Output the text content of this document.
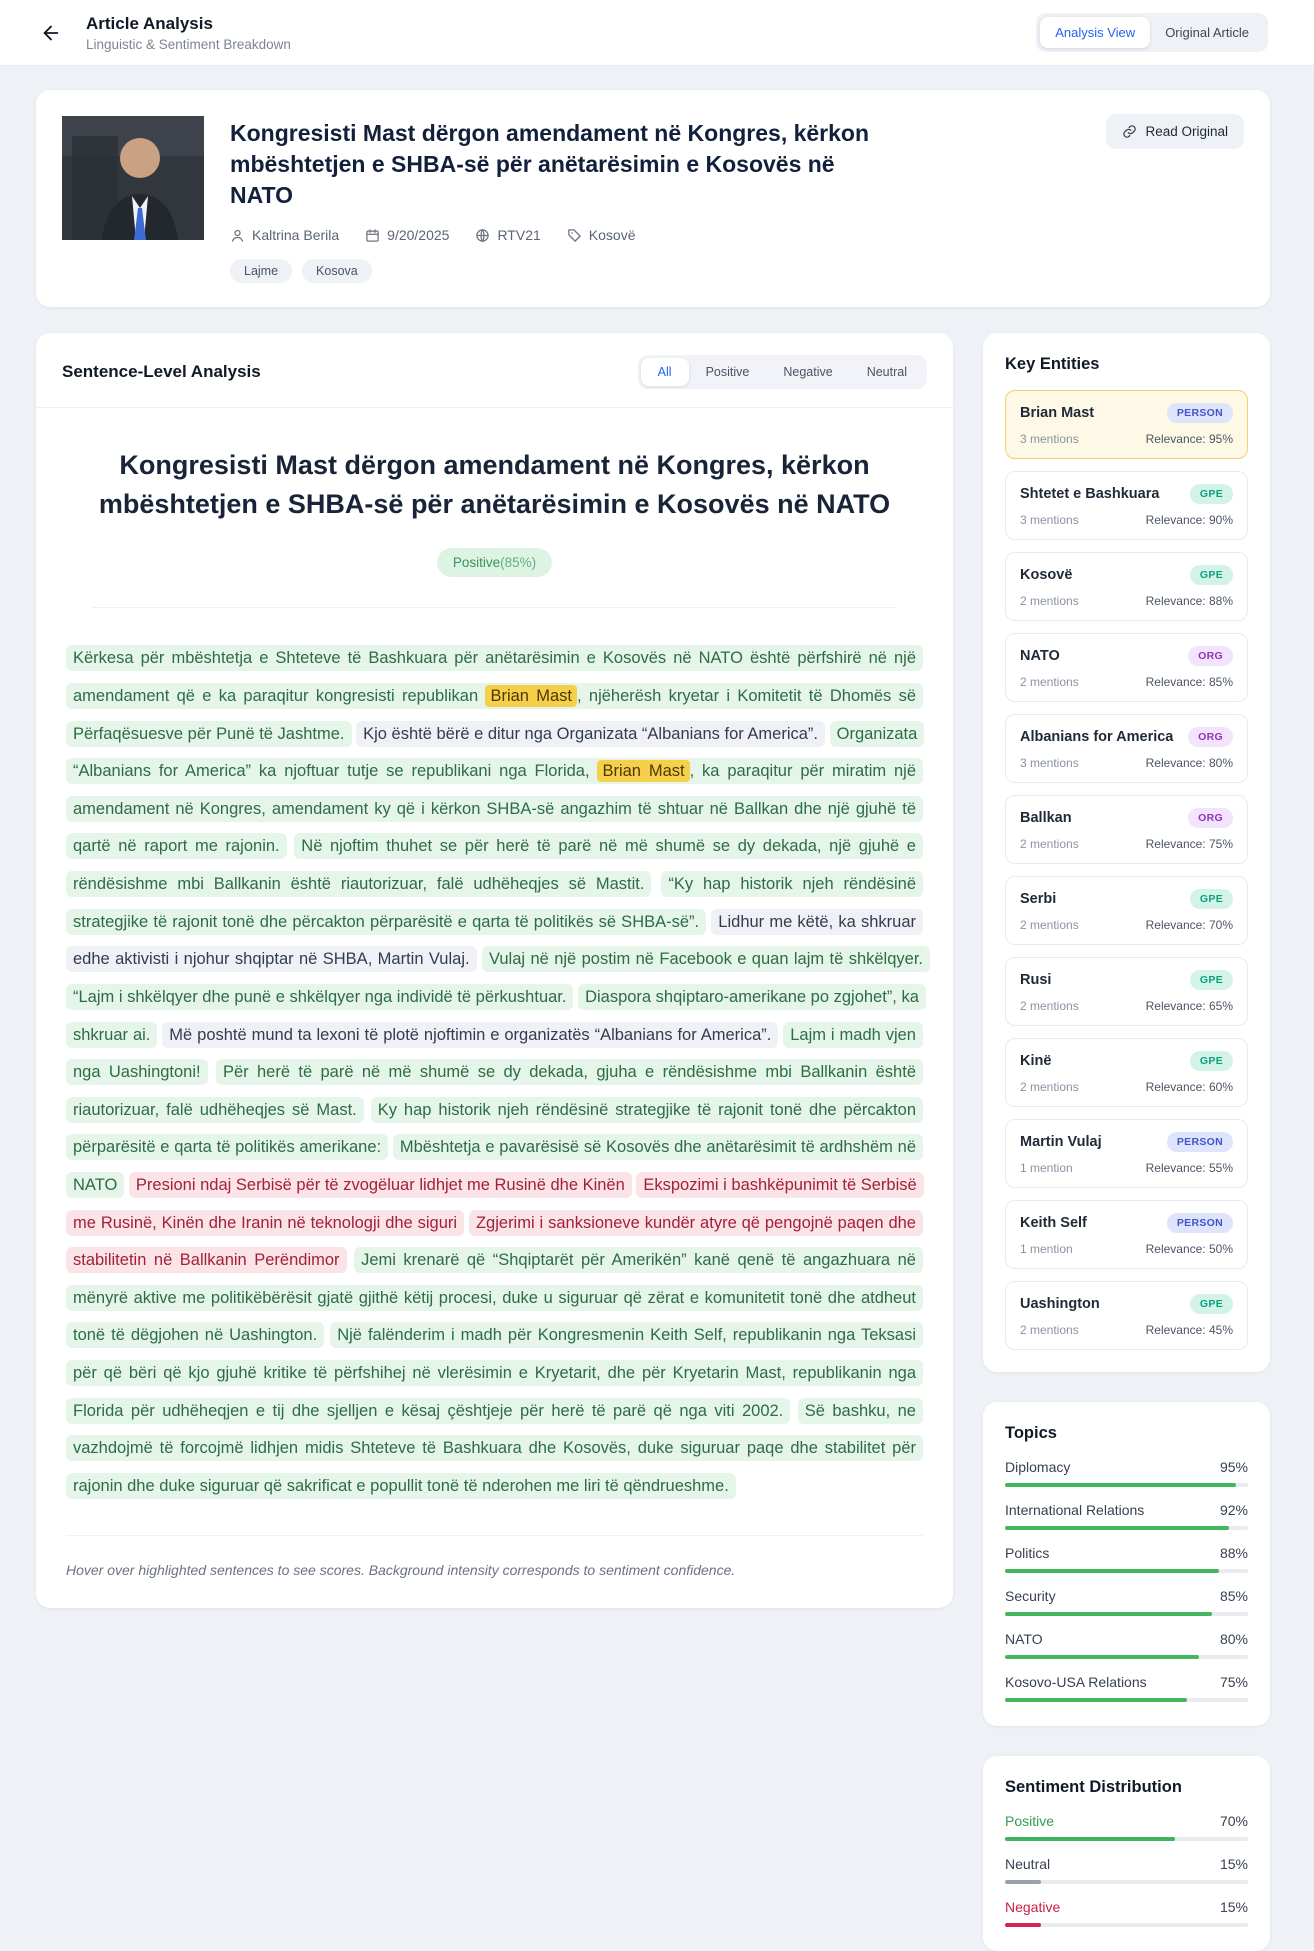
Article Analysis
Linguistic & Sentiment Breakdown
Analysis View	Original Article
Kongresisti Mast dërgon amendament në Kongres, kërkon mbështetjen e SHBA-së për anëtarësimin e Kosovës në NATO
Kaltrina Berila	9/20/2025	RTV21	Kosovë
Lajme	Kosova
Read Original
Sentence-Level Analysis	All	Positive	Negative	Neutral
Kongresisti Mast dërgon amendament në Kongres, kërkon mbështetjen e SHBA-së për anëtarësimin e Kosovës në NATO
Positive(85%)
Kërkesa për mbështetja e Shteteve të Bashkuara për anëtarësimin e Kosovës në NATO është përfshirë në një amendament që e ka paraqitur kongresisti republikan Brian Mast , njëherësh kryetar i Komitetit të Dhomës së Përfaqësuesve për Punë të Jashtme. Kjo është bërë e ditur nga Organizata “Albanians for America”. Organizata “Albanians for America” ka njoftuar tutje se republikani nga Florida, Brian Mast , ka paraqitur për miratim një amendament në Kongres, amendament ky që i kërkon SHBA-së angazhim të shtuar në Ballkan dhe një gjuhë të qartë në raport me rajonin. Në njoftim thuhet se për herë të parë në më shumë se dy dekada, një gjuhë e rëndësishme mbi Ballkanin është riautorizuar, falë udhëheqjes së Mastit. “Ky hap historik njeh rëndësinë strategjike të rajonit tonë dhe përcakton përparësitë e qarta të politikës së SHBA-së”. Lidhur me këtë, ka shkruar edhe aktivisti i njohur shqiptar në SHBA, Martin Vulaj. Vulaj në një postim në Facebook e quan lajm të shkëlqyer. “Lajm i shkëlqyer dhe punë e shkëlqyer nga individë të përkushtuar. Diaspora shqiptaro-amerikane po zgjohet”, ka shkruar ai. Më poshtë mund ta lexoni të plotë njoftimin e organizatës “Albanians for America”. Lajm i madh vjen nga Uashingtoni! Për herë të parë në më shumë se dy dekada, gjuha e rëndësishme mbi Ballkanin është riautorizuar, falë udhëheqjes së Mast. Ky hap historik njeh rëndësinë strategjike të rajonit tonë dhe përcakton përparësitë e qarta të politikës amerikane: Mbështetja e pavarësisë së Kosovës dhe anëtarësimit të ardhshëm në NATO Presioni ndaj Serbisë për të zvogëluar lidhjet me Rusinë dhe Kinën Ekspozimi i bashkëpunimit të Serbisë me Rusinë, Kinën dhe Iranin në teknologji dhe siguri Zgjerimi i sanksioneve kundër atyre që pengojnë paqen dhe stabilitetin në Ballkanin Perëndimor Jemi krenarë që “Shqiptarët për Amerikën” kanë qenë të angazhuara në mënyrë aktive me politikëbërësit gjatë gjithë këtij procesi, duke u siguruar që zërat e komunitetit tonë dhe atdheut tonë të dëgjohen në Uashington. Një falënderim i madh për Kongresmenin Keith Self, republikanin nga Teksasi për që bëri që kjo gjuhë kritike të përfshihej në vlerësimin e Kryetarit, dhe për Kryetarin Mast, republikanin nga Florida për udhëheqjen e tij dhe sjelljen e kësaj çështjeje për herë të parë që nga viti 2002. Së bashku, ne vazhdojmë të forcojmë lidhjen midis Shteteve të Bashkuara dhe Kosovës, duke siguruar paqe dhe stabilitet për rajonin dhe duke siguruar që sakrificat e popullit tonë të nderohen me liri të qëndrueshme.
Hover over highlighted sentences to see scores. Background intensity corresponds to sentiment confidence.
Key Entities
Brian Mast	PERSON
3 mentions	Relevance: 95%
Shtetet e Bashkuara	GPE
3 mentions	Relevance: 90%
Kosovë	GPE
2 mentions	Relevance: 88%
NATO	ORG
2 mentions	Relevance: 85%
Albanians for America	ORG
3 mentions	Relevance: 80%
Ballkan	ORG
2 mentions	Relevance: 75%
Serbi	GPE
2 mentions	Relevance: 70%
Rusi	GPE
2 mentions	Relevance: 65%
Kinë	GPE
2 mentions	Relevance: 60%
Martin Vulaj	PERSON
1 mention	Relevance: 55%
Keith Self	PERSON
1 mention	Relevance: 50%
Uashington	GPE
2 mentions	Relevance: 45%
Topics
Diplomacy	95%
International Relations	92%
Politics	88%
Security	85%
NATO	80%
Kosovo-USA Relations	75%
Sentiment Distribution
Positive	70%
Neutral	15%
Negative	15%
